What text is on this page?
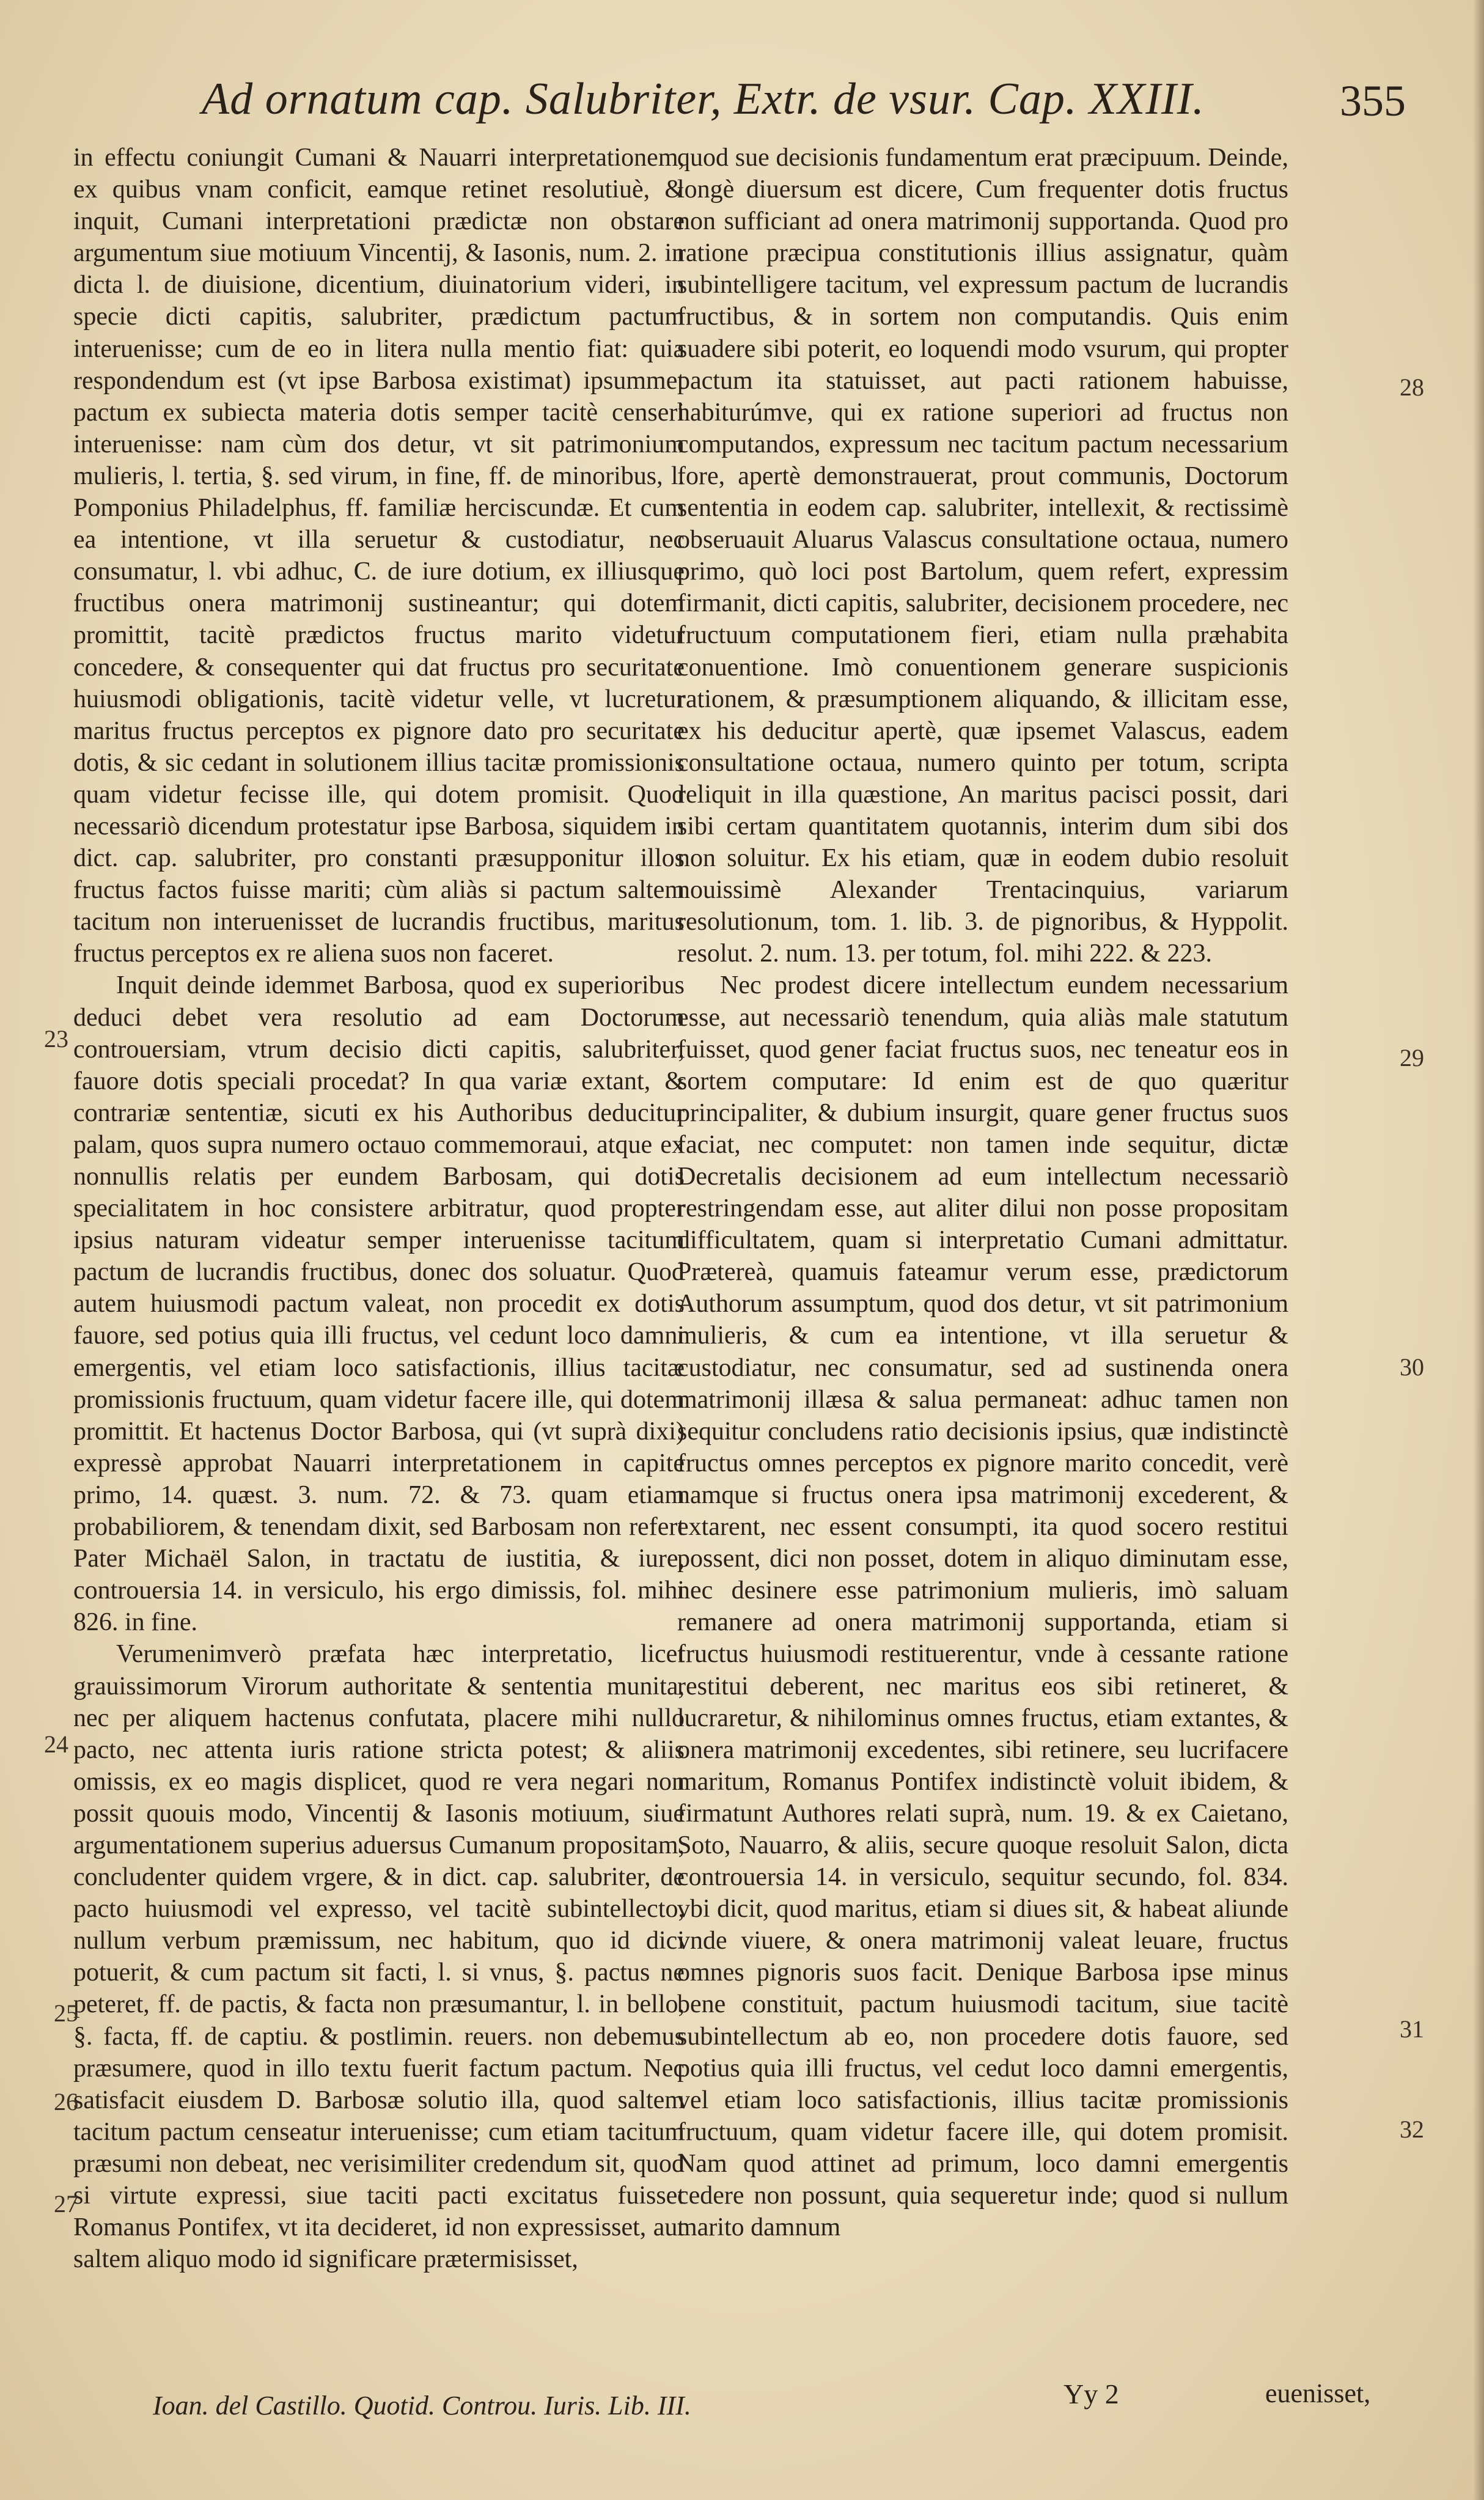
Ad ornatum cap. Salubriter, Extr. de vsur. Cap. XXIII.	355

in effectu coniungit Cumani & Nauarri interpretationem, ex quibus vnam conficit, eamque retinet resolutiuè, & inquit, Cumani interpretationi prædictæ non obstare argumentum siue motiuum Vincentij, & Iasonis, num. 2. in dicta l. de diuisione, dicentium, diuinatorium videri, in specie dicti capitis, salubriter, prædictum pactum interuenisse; cum de eo in litera nulla mentio fiat: quia respondendum est (vt ipse Barbosa existimat) ipsummet pactum ex subiecta materia dotis semper tacitè censeri interuenisse: nam cùm dos detur, vt sit patrimonium mulieris, l. tertia, §. sed virum, in fine, ff. de minoribus, l. Pomponius Philadelphus, ff. familiæ herciscundæ. Et cum ea intentione, vt illa seruetur & custodiatur, nec consumatur, l. vbi adhuc, C. de iure dotium, ex illiusque fructibus onera matrimonij sustineantur; qui dotem promittit, tacitè prædictos fructus marito videtur concedere, & consequenter qui dat fructus pro securitate huiusmodi obligationis, tacitè videtur velle, vt lucretur maritus fructus perceptos ex pignore dato pro securitate dotis, & sic cedant in solutionem illius tacitæ promissionis quam videtur fecisse ille, qui dotem promisit. Quod necessariò dicendum protestatur ipse Barbosa, siquidem in dict. cap. salubriter, pro constanti præsupponitur illos fructus factos fuisse mariti; cùm aliàs si pactum saltem tacitum non interuenisset de lucrandis fructibus, maritus fructus perceptos ex re aliena suos non faceret.

Inquit deinde idemmet Barbosa, quod ex superioribus deduci debet vera resolutio ad eam Doctorum controuersiam, vtrum decisio dicti capitis, salubriter, fauore dotis speciali procedat? In qua variæ extant, & contrariæ sententiæ, sicuti ex his Authoribus deducitur palam, quos supra numero octauo commemoraui, atque ex nonnullis relatis per eundem Barbosam, qui dotis specialitatem in hoc consistere arbitratur, quod propter ipsius naturam videatur semper interuenisse tacitum pactum de lucrandis fructibus, donec dos soluatur. Quod autem huiusmodi pactum valeat, non procedit ex dotis fauore, sed potius quia illi fructus, vel cedunt loco damni emergentis, vel etiam loco satisfactionis, illius tacitæ promissionis fructuum, quam videtur facere ille, qui dotem promittit. Et hactenus Doctor Barbosa, qui (vt suprà dixi) expressè approbat Nauarri interpretationem in capite primo, 14. quæst. 3. num. 72. & 73. quam etiam probabiliorem, & tenendam dixit, sed Barbosam non refert Pater Michaël Salon, in tractatu de iustitia, & iure, controuersia 14. in versiculo, his ergo dimissis, fol. mihi 826. in fine.

Verumenimverò præfata hæc interpretatio, licet grauissimorum Virorum authoritate & sententia munita, nec per aliquem hactenus confutata, placere mihi nullo pacto, nec attenta iuris ratione stricta potest; & aliis omissis, ex eo magis displicet, quod re vera negari non possit quouis modo, Vincentij & Iasonis motiuum, siue argumentationem superius aduersus Cumanum propositam, concludenter quidem vrgere, & in dict. cap. salubriter, de pacto huiusmodi vel expresso, vel tacitè subintellecto, nullum verbum præmissum, nec habitum, quo id dici potuerit, & cum pactum sit facti, l. si vnus, §. pactus ne peteret, ff. de pactis, & facta non præsumantur, l. in bello, §. facta, ff. de captiu. & postlimin. reuers. non debemus præsumere, quod in illo textu fuerit factum pactum. Nec satisfacit eiusdem D. Barbosæ solutio illa, quod saltem tacitum pactum censeatur interuenisse; cum etiam tacitum præsumi non debeat, nec verisimiliter credendum sit, quod si virtute expressi, siue taciti pacti excitatus fuisset Romanus Pontifex, vt ita decideret, id non expressisset, aut saltem aliquo modo id significare prætermisisset,

quod sue decisionis fundamentum erat præcipuum. Deinde, longè diuersum est dicere, Cum frequenter dotis fructus non sufficiant ad onera matrimonij supportanda. Quod pro ratione præcipua constitutionis illius assignatur, quàm subintelligere tacitum, vel expressum pactum de lucrandis fructibus, & in sortem non computandis. Quis enim suadere sibi poterit, eo loquendi modo vsurum, qui propter pactum ita statuisset, aut pacti rationem habuisse, habiturúmve, qui ex ratione superiori ad fructus non computandos, expressum nec tacitum pactum necessarium fore, apertè demonstrauerat, prout communis, Doctorum sententia in eodem cap. salubriter, intellexit, & rectissimè obseruauit Aluarus Valascus consultatione octaua, numero primo, quò loci post Bartolum, quem refert, expressim firmanit, dicti capitis, salubriter, decisionem procedere, nec fructuum computationem fieri, etiam nulla præhabita conuentione. Imò conuentionem generare suspicionis rationem, & præsumptionem aliquando, & illicitam esse, ex his deducitur apertè, quæ ipsemet Valascus, eadem consultatione octaua, numero quinto per totum, scripta reliquit in illa quæstione, An maritus pacisci possit, dari sibi certam quantitatem quotannis, interim dum sibi dos non soluitur. Ex his etiam, quæ in eodem dubio resoluit nouissimè Alexander Trentacinquius, variarum resolutionum, tom. 1. lib. 3. de pignoribus, & Hyppolit. resolut. 2. num. 13. per totum, fol. mihi 222. & 223.

Nec prodest dicere intellectum eundem necessarium esse, aut necessariò tenendum, quia aliàs male statutum fuisset, quod gener faciat fructus suos, nec teneatur eos in sortem computare: Id enim est de quo quæritur principaliter, & dubium insurgit, quare gener fructus suos faciat, nec computet: non tamen inde sequitur, dictæ Decretalis decisionem ad eum intellectum necessariò restringendam esse, aut aliter dilui non posse propositam difficultatem, quam si interpretatio Cumani admittatur. Prætereà, quamuis fateamur verum esse, prædictorum Authorum assumptum, quod dos detur, vt sit patrimonium mulieris, & cum ea intentione, vt illa seruetur & custodiatur, nec consumatur, sed ad sustinenda onera matrimonij illæsa & salua permaneat: adhuc tamen non sequitur concludens ratio decisionis ipsius, quæ indistinctè fructus omnes perceptos ex pignore marito concedit, verè namque si fructus onera ipsa matrimonij excederent, & extarent, nec essent consumpti, ita quod socero restitui possent, dici non posset, dotem in aliquo diminutam esse, nec desinere esse patrimonium mulieris, imò saluam remanere ad onera matrimonij supportanda, etiam si fructus huiusmodi restituerentur, vnde à cessante ratione restitui deberent, nec maritus eos sibi retineret, & lucraretur, & nihilominus omnes fructus, etiam extantes, & onera matrimonij excedentes, sibi retinere, seu lucrifacere maritum, Romanus Pontifex indistinctè voluit ibidem, & firmatunt Authores relati suprà, num. 19. & ex Caietano, Soto, Nauarro, & aliis, secure quoque resoluit Salon, dicta controuersia 14. in versiculo, sequitur secundo, fol. 834. vbi dicit, quod maritus, etiam si diues sit, & habeat aliunde vnde viuere, & onera matrimonij valeat leuare, fructus omnes pignoris suos facit. Denique Barbosa ipse minus bene constituit, pactum huiusmodi tacitum, siue tacitè subintellectum ab eo, non procedere dotis fauore, sed potius quia illi fructus, vel cedut loco damni emergentis, vel etiam loco satisfactionis, illius tacitæ promissionis fructuum, quam videtur facere ille, qui dotem promisit. Nam quod attinet ad primum, loco damni emergentis cedere non possunt, quia sequeretur inde; quod si nullum marito damnum

23
24
25
26
27
28
29
30
31
32
Ioan. del Castillo. Quotid. Controu. Iuris. Lib. III.	Yy 2	euenisset,
